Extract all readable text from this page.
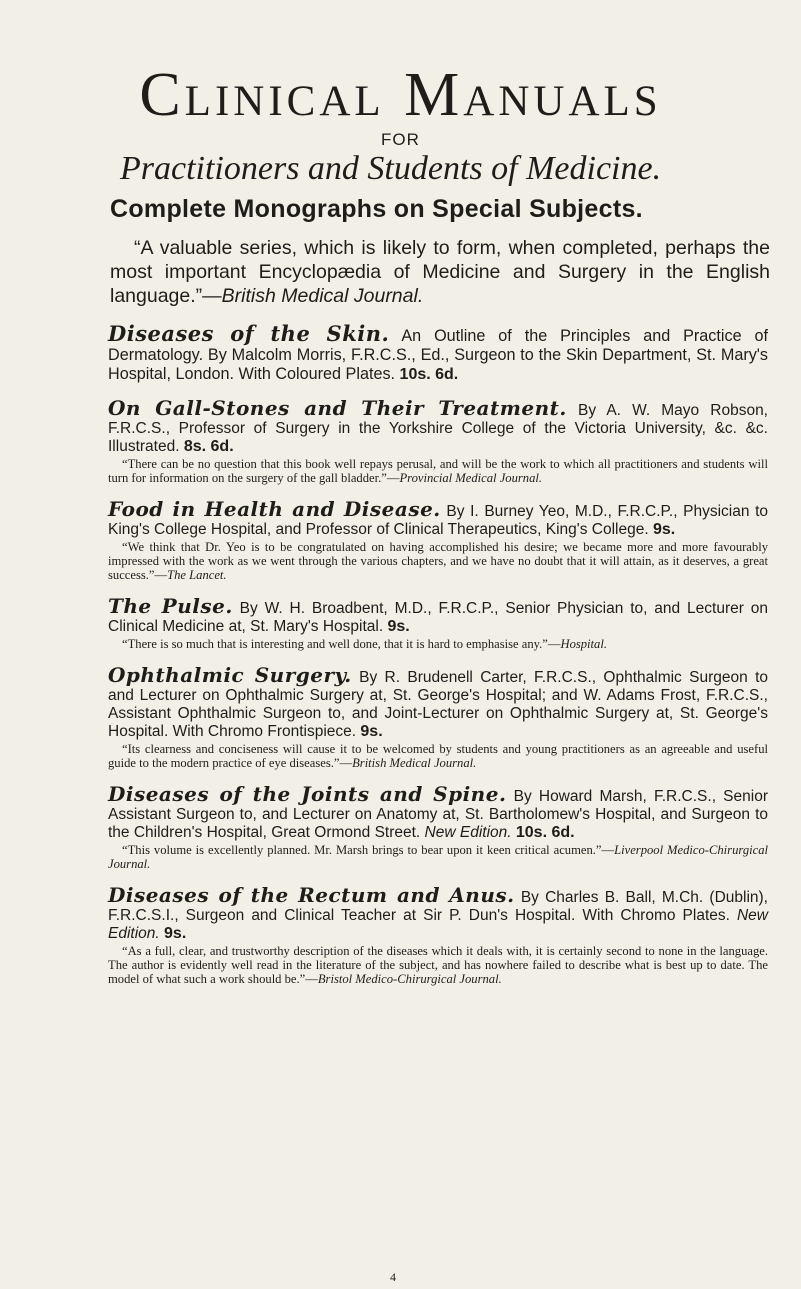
Clinical Manuals
FOR
Practitioners and Students of Medicine.
Complete Monographs on Special Subjects.
“A valuable series, which is likely to form, when completed, perhaps the most important Encyclopædia of Medicine and Surgery in the English language.”—British Medical Journal.
Diseases of the Skin. An Outline of the Principles and Practice of Dermatology. By Malcolm Morris, F.R.C.S., Ed., Surgeon to the Skin Department, St. Mary's Hospital, London. With Coloured Plates. 10s. 6d.
On Gall-Stones and Their Treatment. By A. W. Mayo Robson, F.R.C.S., Professor of Surgery in the Yorkshire College of the Victoria University, &c. &c. Illustrated. 8s. 6d.
“There can be no question that this book well repays perusal, and will be the work to which all practitioners and students will turn for information on the surgery of the gall bladder.”—Provincial Medical Journal.
Food in Health and Disease. By I. Burney Yeo, M.D., F.R.C.P., Physician to King's College Hospital, and Professor of Clinical Therapeutics, King's College. 9s.
“We think that Dr. Yeo is to be congratulated on having accomplished his desire; we became more and more favourably impressed with the work as we went through the various chapters, and we have no doubt that it will attain, as it deserves, a great success.”—The Lancet.
The Pulse. By W. H. Broadbent, M.D., F.R.C.P., Senior Physician to, and Lecturer on Clinical Medicine at, St. Mary's Hospital. 9s.
“There is so much that is interesting and well done, that it is hard to emphasise any.”—Hospital.
Ophthalmic Surgery. By R. Brudenell Carter, F.R.C.S., Ophthalmic Surgeon to and Lecturer on Ophthalmic Surgery at, St. George's Hospital; and W. Adams Frost, F.R.C.S., Assistant Ophthalmic Surgeon to, and Joint-Lecturer on Ophthalmic Surgery at, St. George's Hospital. With Chromo Frontispiece. 9s.
“Its clearness and conciseness will cause it to be welcomed by students and young practitioners as an agreeable and useful guide to the modern practice of eye diseases.”—British Medical Journal.
Diseases of the Joints and Spine. By Howard Marsh, F.R.C.S., Senior Assistant Surgeon to, and Lecturer on Anatomy at, St. Bartholomew's Hospital, and Surgeon to the Children's Hospital, Great Ormond Street. New Edition. 10s. 6d.
“This volume is excellently planned. Mr. Marsh brings to bear upon it keen critical acumen.”—Liverpool Medico-Chirurgical Journal.
Diseases of the Rectum and Anus. By Charles B. Ball, M.Ch. (Dublin), F.R.C.S.I., Surgeon and Clinical Teacher at Sir P. Dun's Hospital. With Chromo Plates. New Edition. 9s.
“As a full, clear, and trustworthy description of the diseases which it deals with, it is certainly second to none in the language. The author is evidently well read in the literature of the subject, and has nowhere failed to describe what is best up to date. The model of what such a work should be.”—Bristol Medico-Chirurgical Journal.
4
